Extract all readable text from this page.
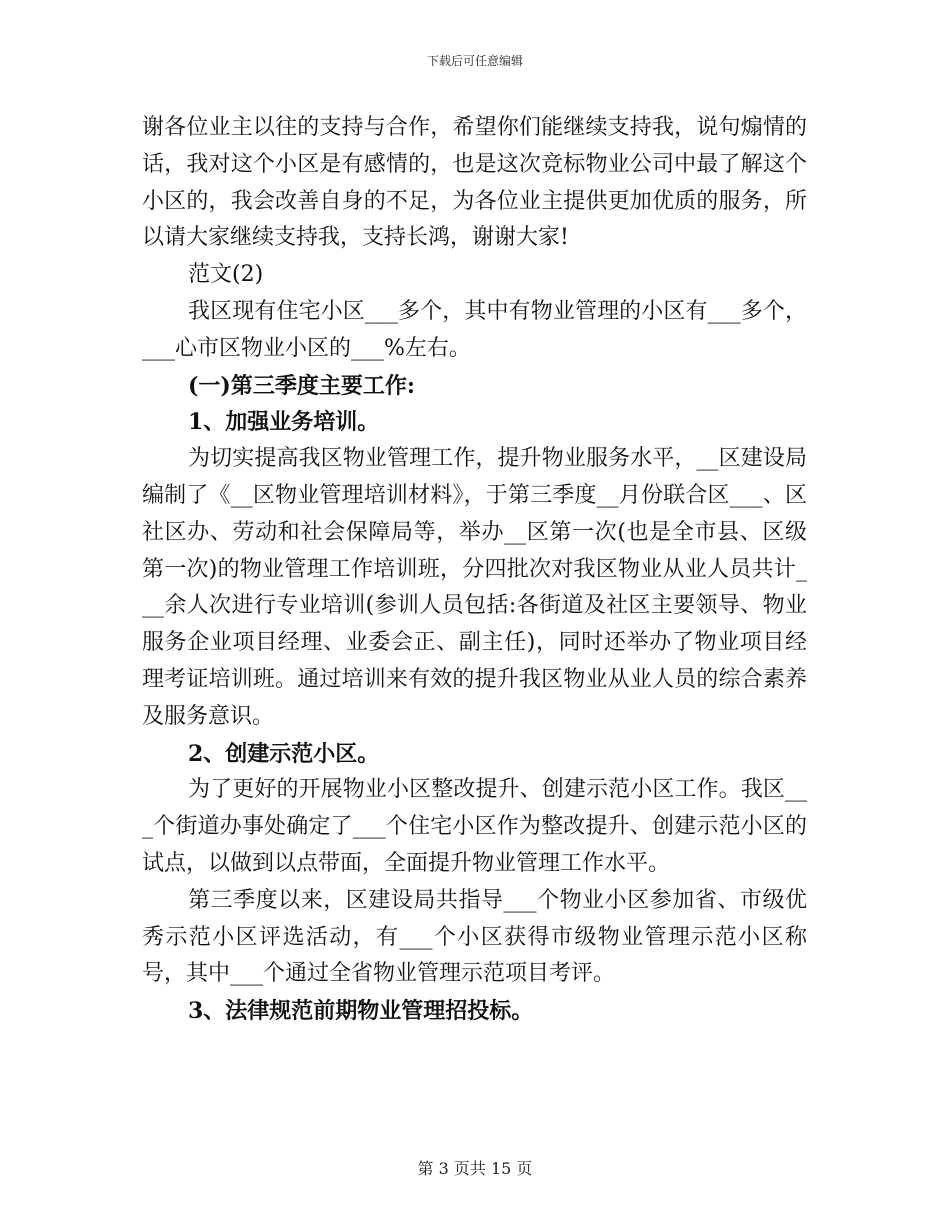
下载后可任意编辑

谢各位业主以往的支持与合作，希望你们能继续支持我，说句煽情的话，我对这个小区是有感情的，也是这次竞标物业公司中最了解这个小区的，我会改善自身的不足，为各位业主提供更加优质的服务，所以请大家继续支持我，支持长鸿，谢谢大家!

范文(2)

我区现有住宅小区___多个，其中有物业管理的小区有___多个，___心市区物业小区的___%左右。

(一)第三季度主要工作:

1、加强业务培训。

为切实提高我区物业管理工作，提升物业服务水平，__区建设局编制了《__区物业管理培训材料》，于第三季度__月份联合区___、区社区办、劳动和社会保障局等，举办__区第一次(也是全市县、区级第一次)的物业管理工作培训班，分四批次对我区物业从业人员共计___余人次进行专业培训(参训人员包括:各街道及社区主要领导、物业服务企业项目经理、业委会正、副主任)，同时还举办了物业项目经理考证培训班。通过培训来有效的提升我区物业从业人员的综合素养及服务意识。

2、创建示范小区。

为了更好的开展物业小区整改提升、创建示范小区工作。我区___个街道办事处确定了___个住宅小区作为整改提升、创建示范小区的试点，以做到以点带面，全面提升物业管理工作水平。

第三季度以来，区建设局共指导___个物业小区参加省、市级优秀示范小区评选活动，有___个小区获得市级物业管理示范小区称号，其中___个通过全省物业管理示范项目考评。

3、法律规范前期物业管理招投标。

第 3 页共 15 页
